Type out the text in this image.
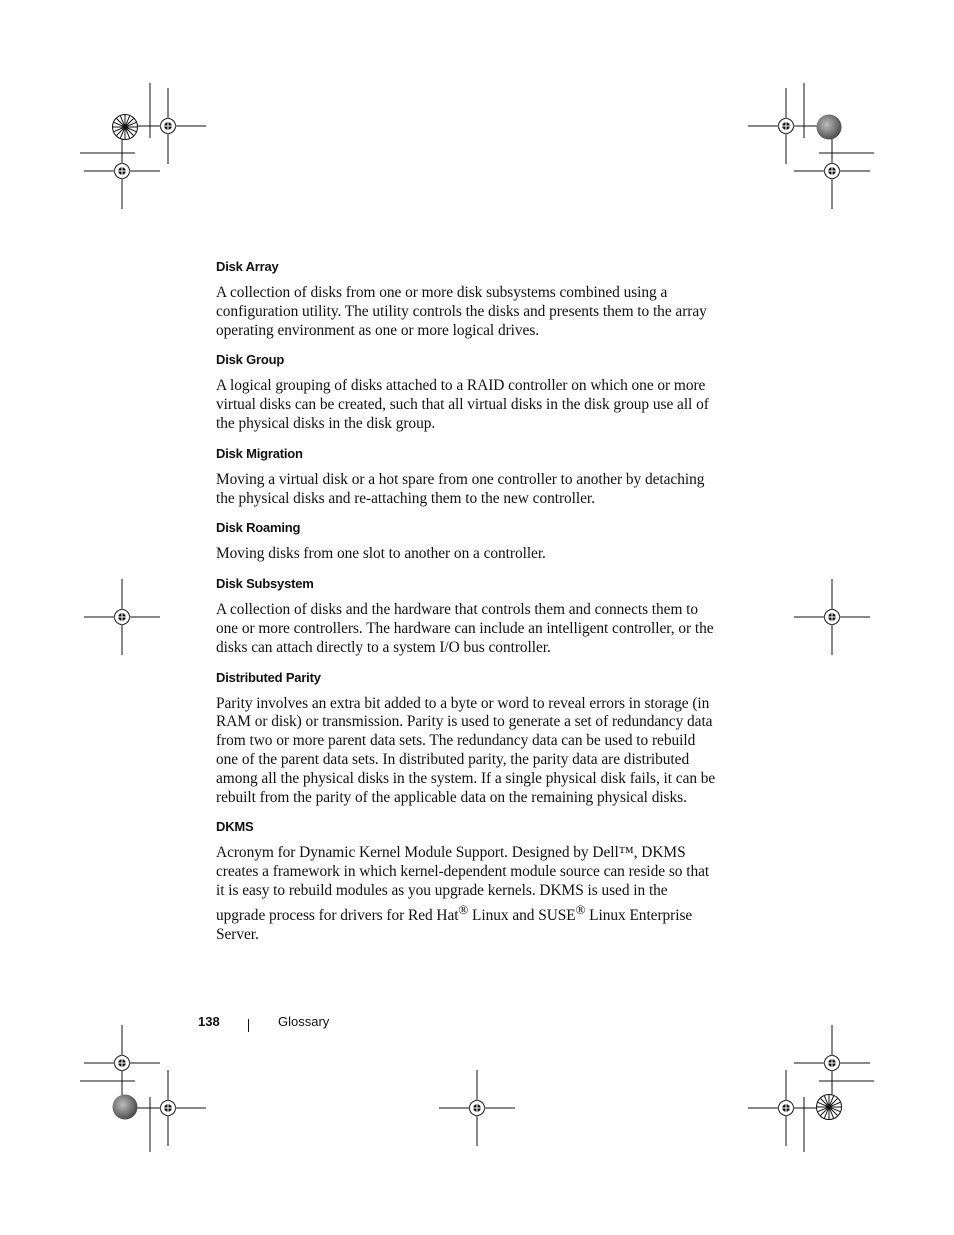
Disk Array

A collection of disks from one or more disk subsystems combined using a configuration utility. The utility controls the disks and presents them to the array operating environment as one or more logical drives.

Disk Group

A logical grouping of disks attached to a RAID controller on which one or more virtual disks can be created, such that all virtual disks in the disk group use all of the physical disks in the disk group.

Disk Migration

Moving a virtual disk or a hot spare from one controller to another by detaching the physical disks and re-attaching them to the new controller.

Disk Roaming

Moving disks from one slot to another on a controller.

Disk Subsystem

A collection of disks and the hardware that controls them and connects them to one or more controllers. The hardware can include an intelligent controller, or the disks can attach directly to a system I/O bus controller.

Distributed Parity

Parity involves an extra bit added to a byte or word to reveal errors in storage (in RAM or disk) or transmission. Parity is used to generate a set of redundancy data from two or more parent data sets. The redundancy data can be used to rebuild one of the parent data sets. In distributed parity, the parity data are distributed among all the physical disks in the system. If a single physical disk fails, it can be rebuilt from the parity of the applicable data on the remaining physical disks.

DKMS

Acronym for Dynamic Kernel Module Support. Designed by Dell™, DKMS creates a framework in which kernel-dependent module source can reside so that it is easy to rebuild modules as you upgrade kernels. DKMS is used in the upgrade process for drivers for Red Hat® Linux and SUSE® Linux Enterprise Server.

138	Glossary
